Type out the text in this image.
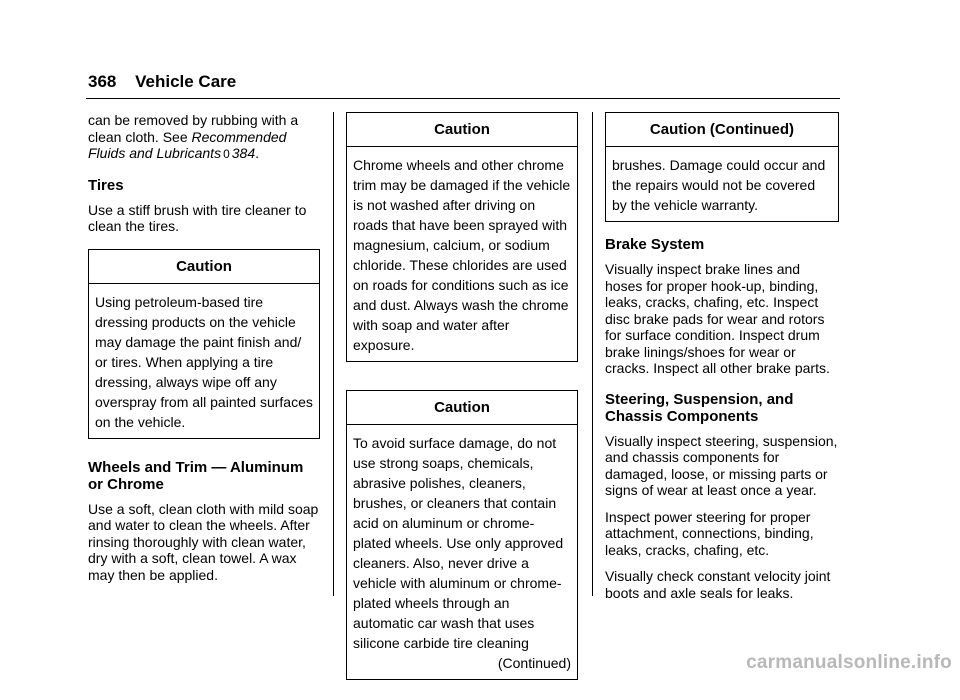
368 Vehicle Care

can be removed by rubbing with a clean cloth. See Recommended Fluids and Lubricants 0 384.

Tires

Use a stiff brush with tire cleaner to clean the tires.

Caution
Using petroleum-based tire dressing products on the vehicle may damage the paint finish and/ or tires. When applying a tire dressing, always wipe off any overspray from all painted surfaces on the vehicle.
Wheels and Trim — Aluminum or Chrome

Use a soft, clean cloth with mild soap and water to clean the wheels. After rinsing thoroughly with clean water, dry with a soft, clean towel. A wax may then be applied.

Caution
Chrome wheels and other chrome trim may be damaged if the vehicle is not washed after driving on roads that have been sprayed with magnesium, calcium, or sodium chloride. These chlorides are used on roads for conditions such as ice and dust. Always wash the chrome with soap and water after exposure.
Caution
To avoid surface damage, do not use strong soaps, chemicals, abrasive polishes, cleaners, brushes, or cleaners that contain acid on aluminum or chrome-plated wheels. Use only approved cleaners. Also, never drive a vehicle with aluminum or chrome-plated wheels through an automatic car wash that uses silicone carbide tire cleaning
(Continued)
Caution (Continued)
brushes. Damage could occur and the repairs would not be covered by the vehicle warranty.
Brake System

Visually inspect brake lines and hoses for proper hook-up, binding, leaks, cracks, chafing, etc. Inspect disc brake pads for wear and rotors for surface condition. Inspect drum brake linings/shoes for wear or cracks. Inspect all other brake parts.

Steering, Suspension, and Chassis Components

Visually inspect steering, suspension, and chassis components for damaged, loose, or missing parts or signs of wear at least once a year.

Inspect power steering for proper attachment, connections, binding, leaks, cracks, chafing, etc.

Visually check constant velocity joint boots and axle seals for leaks.

carmanualsonline.info
